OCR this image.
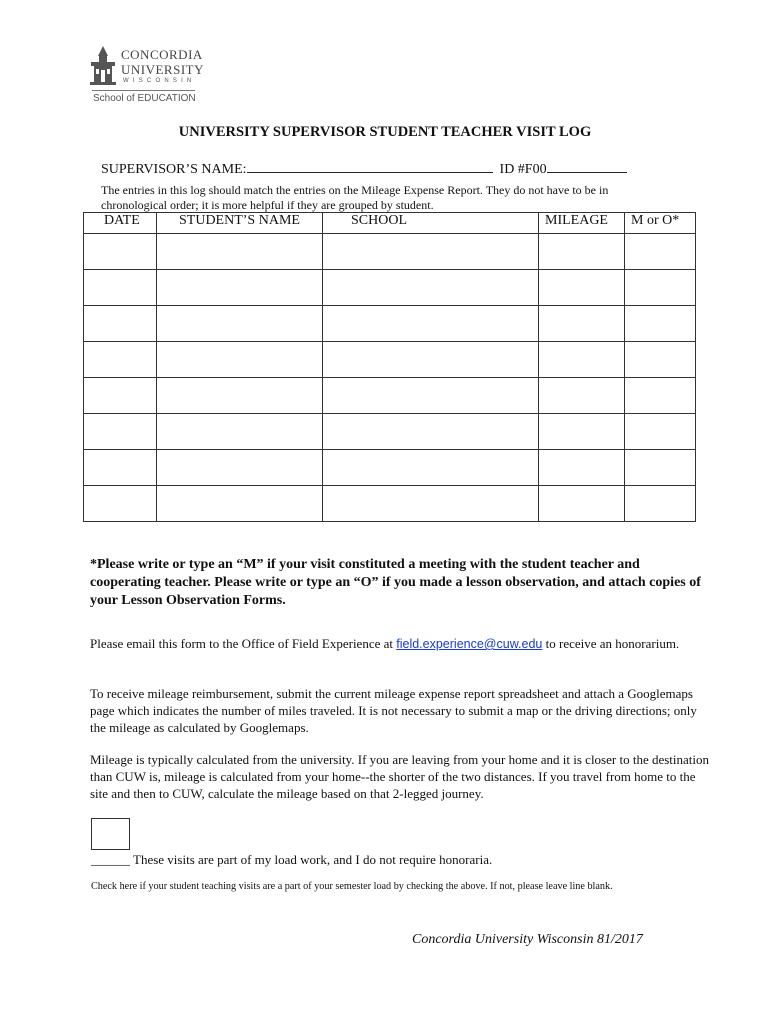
CONCORDIA
UNIVERSITY
WISCONSIN
School of EDUCATION
UNIVERSITY SUPERVISOR STUDENT TEACHER VISIT LOG
SUPERVISOR’S NAME:	ID #F00
The entries in this log should match the entries on the Mileage Expense Report. They do not have to be in chronological order; it is more helpful if they are grouped by student.
DATE	STUDENT’S NAME	SCHOOL	MILEAGE	M or O*

*Please write or type an “M” if your visit constituted a meeting with the student teacher and cooperating teacher. Please write or type an “O” if you made a lesson observation, and attach copies of your Lesson Observation Forms.
Please email this form to the Office of Field Experience at field.experience@cuw.edu to receive an honorarium.
To receive mileage reimbursement, submit the current mileage expense report spreadsheet and attach a Googlemaps page which indicates the number of miles traveled. It is not necessary to submit a map or the driving directions; only the mileage as calculated by Googlemaps.
Mileage is typically calculated from the university. If you are leaving from your home and it is closer to the destination than CUW is, mileage is calculated from your home--the shorter of the two distances. If you travel from home to the site and then to CUW, calculate the mileage based on that 2-legged journey.
______ These visits are part of my load work, and I do not require honoraria.
Check here if your student teaching visits are a part of your semester load by checking the above. If not, please leave line blank.
Concordia University Wisconsin 81/2017
